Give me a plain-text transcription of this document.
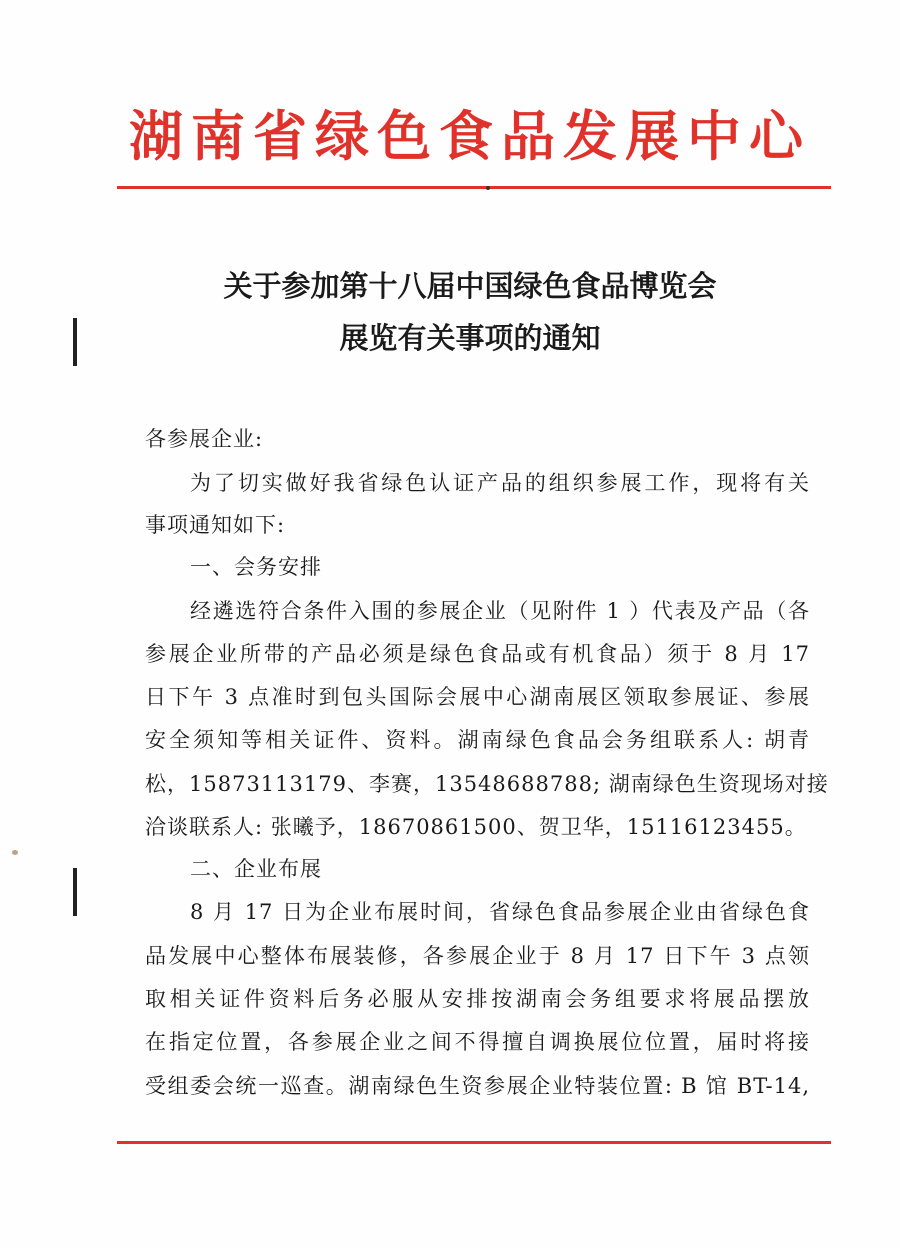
湖南省绿色食品发展中心
关于参加第十八届中国绿色食品博览会
展览有关事项的通知
各参展企业:
为了切实做好我省绿色认证产品的组织参展工作，现将有关
事项通知如下:
一、会务安排
经遴选符合条件入围的参展企业（见附件 1 ）代表及产品（各
参展企业所带的产品必须是绿色食品或有机食品）须于 8 月 17
日下午 3 点准时到包头国际会展中心湖南展区领取参展证、参展
安全须知等相关证件、资料。湖南绿色食品会务组联系人: 胡青
松，15873113179、李赛，13548688788; 湖南绿色生资现场对接
洽谈联系人: 张曦予，18670861500、贺卫华，15116123455。
二、企业布展
8 月 17 日为企业布展时间，省绿色食品参展企业由省绿色食
品发展中心整体布展装修，各参展企业于 8 月 17 日下午 3 点领
取相关证件资料后务必服从安排按湖南会务组要求将展品摆放
在指定位置，各参展企业之间不得擅自调换展位位置，届时将接
受组委会统一巡查。湖南绿色生资参展企业特装位置: B 馆 BT-14,
